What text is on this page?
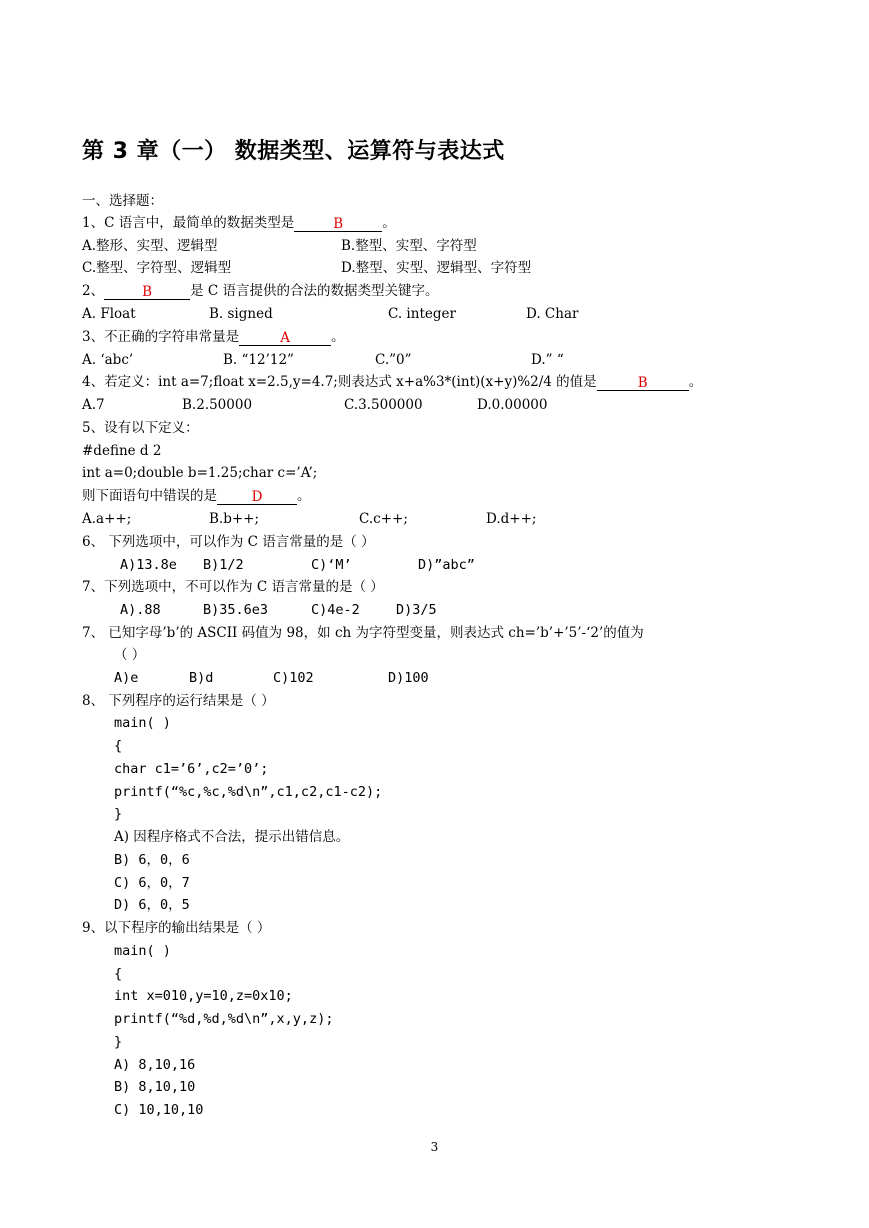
第 3 章（一） 数据类型、运算符与表达式
一、选择题：
1、C 语言中，最简单的数据类型是	B	。
A.整形、实型、逻辑型	B.整型、实型、字符型
C.整型、字符型、逻辑型	D.整型、实型、逻辑型、字符型
2、	B	是 C 语言提供的合法的数据类型关键字。
A. Float	B. signed	C. integer	D. Char
3、不正确的字符串常量是	A	。
A. ‘abc’	B. “12’12”	C.”0”	D.” “
4、若定义：int a=7;float x=2.5,y=4.7;则表达式 x+a%3*(int)(x+y)%2/4 的值是	B	。
A.7	B.2.50000	C.3.500000	D.0.00000
5、设有以下定义：
#define d 2
int a=0;double b=1.25;char c=’A’;
则下面语句中错误的是	D	。
A.a++;	B.b++;	C.c++;	D.d++;
6、 下列选项中，可以作为 C 语言常量的是（ ）
A)13.8e B)1/2	C)‘M’	D)”abc”
7、下列选项中，不可以作为 C 语言常量的是（ ）
A).88	B)35.6e3	C)4e-2	D)3/5
7、 已知字母’b’的 ASCII 码值为 98，如 ch 为字符型变量，则表达式 ch=’b’+’5’-‘2’的值为
（ ）
A)e	B)d	C)102	D)100
8、 下列程序的运行结果是（ ）
main( )
{
char c1=’6’,c2=’0’;
printf(“%c,%c,%d\n”,c1,c2,c1-c2);
}
A) 因程序格式不合法，提示出错信息。
B) 6，0，6
C) 6，0，7
D) 6，0，5
9、以下程序的输出结果是（ ）
main( )
{
int x=010,y=10,z=0x10;
printf(“%d,%d,%d\n”,x,y,z);
}
A) 8,10,16
B) 8,10,10
C) 10,10,10
3
